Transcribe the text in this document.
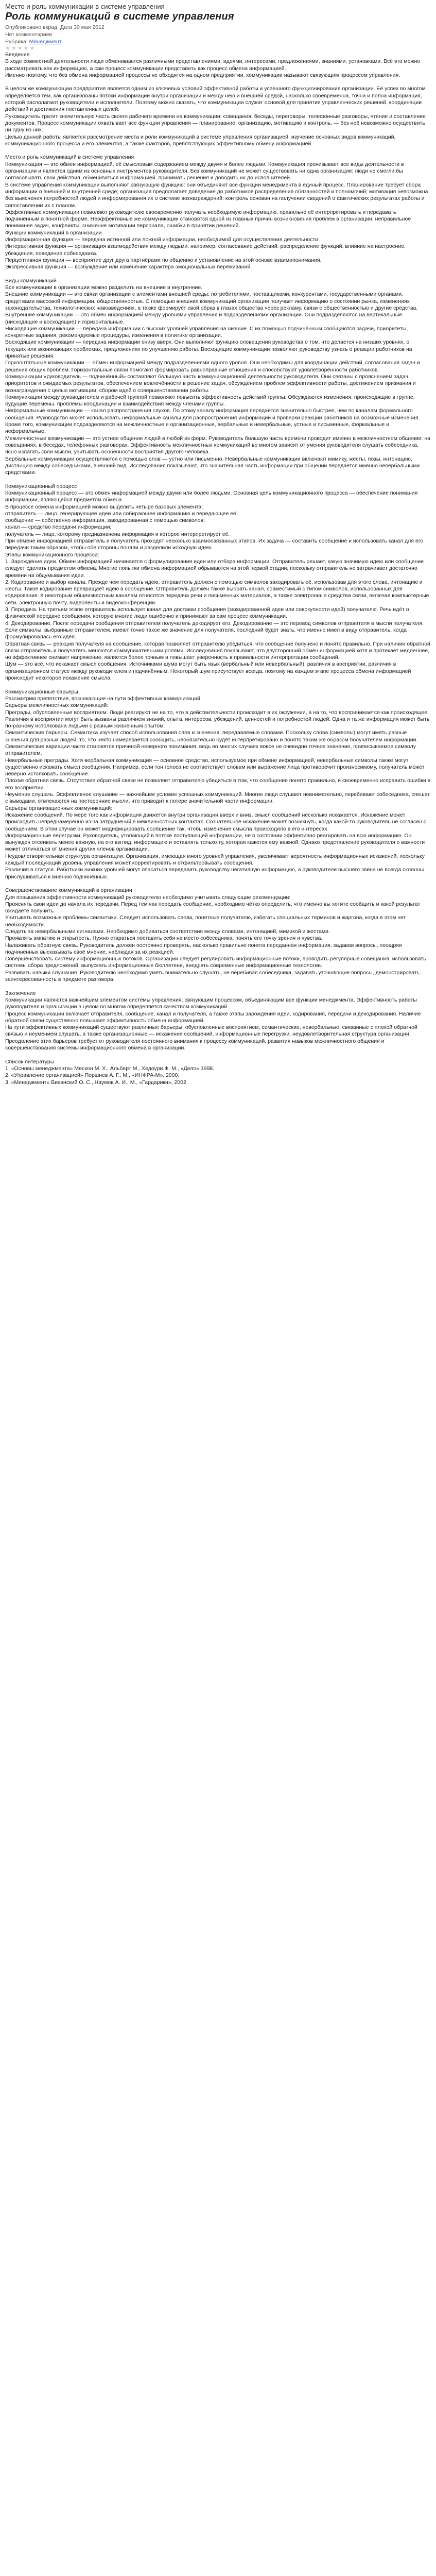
Место и роль коммуникации в системе управления
Роль коммуникаций в системе управления
Опубликовано вкрад. Дата 30 мая 2012
Нет комментариев
Рубрика: Менеджмент
★ ★ ★ ★ ★

Введение

В ходе совместной деятельности люди обмениваются различными представлениями, идеями, интересами, предложениями, знаниями, установками. Всё это можно рассматривать как информацию, а сам процесс коммуникации представить как процесс обмена информацией.

Именно поэтому, что без обмена информацией процессы не обходятся на одном предприятии, коммуникации называют связующим процессом управления.

В целом же коммуникации предприятия является одним из ключевых условий эффективной работы и успешного функционирования организации. Её успех во многом определяется тем, как организованы потоки информации внутри организации и между нею и внешней средой, насколько своевременна, точна и полна информация, которой располагают руководители и исполнители. Поэтому можно сказать, что коммуникации служат основой для принятия управленческих решений, координации действий и достижения поставленных целей.

Руководитель тратит значительную часть своего рабочего времени на коммуникации: совещания, беседы, переговоры, телефонные разговоры, чтение и составление документов. Процесс коммуникации охватывает все функции управления — планирование, организацию, мотивацию и контроль, — без неё невозможно осуществить ни одну из них.

Целью данной работы является рассмотрение места и роли коммуникаций в системе управления организацией, изучение основных видов коммуникаций, коммуникационного процесса и его элементов, а также факторов, препятствующих эффективному обмену информацией.

Место и роль коммуникаций в системе управления

Коммуникация — это обмен информацией, её смысловым содержанием между двумя и более людьми. Коммуникация пронизывает все виды деятельности в организации и является одним из основных инструментов руководителя. Без коммуникаций не может существовать ни одна организация: люди не смогли бы согласовывать свои действия, обмениваться информацией, принимать решения и доводить их до исполнителей.

В системе управления коммуникации выполняют связующую функцию: они объединяют все функции менеджмента в единый процесс. Планирование требует сбора информации о внешней и внутренней среде; организация предполагает доведение до работников распределения обязанностей и полномочий; мотивация невозможна без выяснения потребностей людей и информирования их о системе вознаграждений; контроль основан на получении сведений о фактических результатах работы и сопоставлении их с планом.

Эффективные коммуникации позволяют руководителю своевременно получать необходимую информацию, правильно её интерпретировать и передавать подчинённым в понятной форме. Неэффективные же коммуникации становятся одной из главных причин возникновения проблем в организации: неправильное понимание задач, конфликты, снижение мотивации персонала, ошибки в принятии решений.

Функции коммуникаций в организации

Информационная функция — передача истинной или ложной информации, необходимой для осуществления деятельности.

Интерактивная функция — организация взаимодействия между людьми, например, согласование действий, распределение функций, влияние на настроение, убеждения, поведение собеседника.

Перцептивная функция — восприятие друг друга партнёрами по общению и установление на этой основе взаимопонимания.

Экспрессивная функция — возбуждение или изменение характера эмоциональных переживаний.

Виды коммуникаций

Все коммуникации в организации можно разделить на внешние и внутренние.

Внешние коммуникации — это связи организации с элементами внешней среды: потребителями, поставщиками, конкурентами, государственными органами, средствами массовой информации, общественностью. С помощью внешних коммуникаций организация получает информацию о состоянии рынка, изменениях законодательства, технологических нововведениях, а также формирует свой образ в глазах общества через рекламу, связи с общественностью и другие средства.

Внутренние коммуникации — это обмен информацией между уровнями управления и подразделениями организации. Они подразделяются на вертикальные (нисходящие и восходящие) и горизонтальные.

Нисходящие коммуникации — передача информации с высших уровней управления на низшие. С их помощью подчинённым сообщаются задачи, приоритеты, конкретные задания, рекомендуемые процедуры, изменения в политике организации.

Восходящие коммуникации — передача информации снизу вверх. Они выполняют функцию оповещения руководства о том, что делается на низших уровнях, о текущих или возникающих проблемах, предложениях по улучшению работы. Восходящие коммуникации позволяют руководству узнать о реакции работников на принятые решения.

Горизонтальные коммуникации — обмен информацией между подразделениями одного уровня. Они необходимы для координации действий, согласования задач и решения общих проблем. Горизонтальные связи помогают формировать равноправные отношения и способствуют удовлетворённости работников.

Коммуникации «руководитель — подчинённый» составляют большую часть коммуникационной деятельности руководителя. Они связаны с прояснением задач, приоритетов и ожидаемых результатов, обеспечением вовлечённости в решение задач, обсуждением проблем эффективности работы, достижением признания и вознаграждения с целью мотивации, сбором идей о совершенствовании работы.

Коммуникации между руководителем и рабочей группой позволяют повысить эффективность действий группы. Обсуждаются изменения, происходящие в группе, будущие перемены, проблемы координации и взаимодействия между членами группы.

Неформальные коммуникации — канал распространения слухов. По этому каналу информация передаётся значительно быстрее, чем по каналам формального сообщения. Руководство может использовать неформальные каналы для распространения информации и проверки реакции работников на возможные изменения.

Кроме того, коммуникации подразделяются на межличностные и организационные, вербальные и невербальные, устные и письменные, формальные и неформальные.

Межличностные коммуникации — это устное общение людей в любой из форм. Руководитель большую часть времени проводит именно в межличностном общении: на совещаниях, в беседах, телефонных разговорах. Эффективность межличностных коммуникаций во многом зависит от умения руководителя слушать собеседника, ясно излагать свои мысли, учитывать особенности восприятия другого человека.

Вербальные коммуникации осуществляются с помощью слов — устно или письменно. Невербальные коммуникации включают мимику, жесты, позы, интонацию, дистанцию между собеседниками, внешний вид. Исследования показывают, что значительная часть информации при общении передаётся именно невербальными средствами.

Коммуникационный процесс

Коммуникационный процесс — это обмен информацией между двумя или более людьми. Основная цель коммуникационного процесса — обеспечение понимания информации, являющейся предметом обмена.

В процессе обмена информацией можно выделить четыре базовых элемента:

отправитель — лицо, генерирующее идеи или собирающее информацию и передающее её;

сообщение — собственно информация, закодированная с помощью символов;

канал — средство передачи информации;

получатель — лицо, которому предназначена информация и которое интерпретирует её.

При обмене информацией отправитель и получатель проходят несколько взаимосвязанных этапов. Их задача — составить сообщение и использовать канал для его передачи таким образом, чтобы обе стороны поняли и разделили исходную идею.

Этапы коммуникационного процесса:

1. Зарождение идеи. Обмен информацией начинается с формулирования идеи или отбора информации. Отправитель решает, какую значимую идею или сообщение следует сделать предметом обмена. Многие попытки обмена информацией обрываются на этой первой стадии, поскольку отправитель не затрачивает достаточно времени на обдумывание идеи.

2. Кодирование и выбор канала. Прежде чем передать идею, отправитель должен с помощью символов закодировать её, использовав для этого слова, интонацию и жесты. Такое кодирование превращает идею в сообщение. Отправитель должен также выбрать канал, совместимый с типом символов, использованных для кодирования. К некоторым общеизвестным каналам относятся передача речи и письменных материалов, а также электронные средства связи, включая компьютерные сети, электронную почту, видеоленты и видеоконференции.

3. Передача. На третьем этапе отправитель использует канал для доставки сообщения (закодированной идеи или совокупности идей) получателю. Речь идёт о физической передаче сообщения, которую многие люди ошибочно и принимают за сам процесс коммуникации.

4. Декодирование. После передачи сообщения отправителем получатель декодирует его. Декодирование — это перевод символов отправителя в мысли получателя. Если символы, выбранные отправителем, имеют точно такое же значение для получателя, последний будет знать, что именно имел в виду отправитель, когда формулировалась его идея.

Обратная связь — реакция получателя на сообщение, которая позволяет отправителю убедиться, что сообщение получено и понято правильно. При наличии обратной связи отправитель и получатель меняются коммуникативными ролями. Исследования показывают, что двусторонний обмен информацией хотя и протекает медленнее, но эффективнее снимает напряжение, является более точным и повышает уверенность в правильности интерпретации сообщений.

Шум — это всё, что искажает смысл сообщения. Источниками шума могут быть язык (вербальный или невербальный), различия в восприятии, различия в организационном статусе между руководителем и подчинённым. Некоторый шум присутствует всегда, поэтому на каждом этапе процесса обмена информацией происходит некоторое искажение смысла.

Коммуникационные барьеры

Рассмотрим препятствия, возникающие на пути эффективных коммуникаций.

Барьеры межличностных коммуникаций:

Преграды, обусловленные восприятием. Люди реагируют не на то, что в действительности происходит в их окружении, а на то, что воспринимается как происходящее. Различия в восприятии могут быть вызваны различием знаний, опыта, интересов, убеждений, ценностей и потребностей людей. Одна и та же информация может быть по-разному истолкована людьми с разным жизненным опытом.

Семантические барьеры. Семантика изучает способ использования слов и значения, передаваемые словами. Поскольку слова (символы) могут иметь разные значения для разных людей, то, что некто намеревается сообщить, необязательно будет интерпретировано и понято таким же образом получателем информации. Семантические вариации часто становятся причиной неверного понимания, ведь во многих случаях вовсе не очевидно точное значение, приписываемое символу отправителем.

Невербальные преграды. Хотя вербальная коммуникация — основное средство, используемое при обмене информацией, невербальные символы также могут существенно искажать смысл сообщения. Например, если тон голоса не соответствует словам или выражение лица противоречит произносимому, получатель может неверно истолковать сообщение.

Плохая обратная связь. Отсутствие обратной связи не позволяет отправителю убедиться в том, что сообщение понято правильно, и своевременно исправить ошибки в его восприятии.

Неумение слушать. Эффективное слушание — важнейшее условие успешных коммуникаций. Многие люди слушают невнимательно, перебивают собеседника, спешат с выводами, отвлекаются на посторонние мысли, что приводит к потере значительной части информации.

Барьеры организационных коммуникаций:

Искажение сообщений. По мере того как информация движется внутри организации вверх и вниз, смысл сообщений несколько искажается. Искажение может происходить непреднамеренно из-за затруднений в межличностных контактах. Сознательное искажение может возникнуть, когда какой-то руководитель не согласен с сообщением. В этом случае он может модифицировать сообщение так, чтобы изменение смысла происходило в его интересах.

Информационные перегрузки. Руководитель, утопающий в потоке поступающей информации, не в состоянии эффективно реагировать на всю информацию. Он вынужден отсеивать менее важную, на его взгляд, информацию и оставлять только ту, которая кажется ему важной. Однако представление руководителя о важности может отличаться от мнения других членов организации.

Неудовлетворительная структура организации. Организация, имеющая много уровней управления, увеличивает вероятность информационных искажений, поскольку каждый последующий уровень управления может корректировать и отфильтровывать сообщения.

Различия в статусе. Работники нижних уровней могут опасаться передавать руководству негативную информацию, а руководители высшего звена не всегда склонны прислушиваться к мнению подчинённых.

Совершенствование коммуникаций в организации

Для повышения эффективности коммуникаций руководителю необходимо учитывать следующие рекомендации:

Прояснять свои идеи до начала их передачи. Перед тем как передать сообщение, необходимо чётко определить, что именно вы хотите сообщить и какой результат ожидаете получить.

Учитывать возможные проблемы семантики. Следует использовать слова, понятные получателю, избегать специальных терминов и жаргона, когда в этом нет необходимости.

Следить за невербальными сигналами. Необходимо добиваться соответствия между словами, интонацией, мимикой и жестами.

Проявлять эмпатию и открытость. Нужно стараться поставить себя на место собеседника, понять его точку зрения и чувства.

Налаживать обратную связь. Руководитель должен постоянно проверять, насколько правильно понята переданная информация, задавая вопросы, поощряя подчинённых высказывать своё мнение, наблюдая за их реакцией.

Совершенствовать систему информационных потоков. Организации следует регулировать информационные потоки, проводить регулярные совещания, использовать системы сбора предложений, выпускать информационные бюллетени, внедрять современные информационные технологии.

Развивать навыки слушания. Руководителю необходимо уметь внимательно слушать, не перебивая собеседника, задавать уточняющие вопросы, демонстрировать заинтересованность в предмете разговора.

Заключение

Коммуникации являются важнейшим элементом системы управления, связующим процессом, объединяющим все функции менеджмента. Эффективность работы руководителя и организации в целом во многом определяется качеством коммуникаций.

Процесс коммуникации включает отправителя, сообщение, канал и получателя, а также этапы зарождения идеи, кодирования, передачи и декодирования. Наличие обратной связи существенно повышает эффективность обмена информацией.

На пути эффективных коммуникаций существуют различные барьеры: обусловленные восприятием, семантические, невербальные, связанные с плохой обратной связью и неумением слушать, а также организационные — искажение сообщений, информационные перегрузки, неудовлетворительная структура организации.

Преодоление этих барьеров требует от руководителя постоянного внимания к процессу коммуникаций, развития навыков межличностного общения и совершенствования системы информационного обмена в организации.

Список литературы

1. «Основы менеджмента» Мескон М. Х., Альберт М., Хедоури Ф. М., «Дело» 1998.

2. «Управление организацией» Поршнев А. Г., М., «ИНФРА-М», 2000.

3. «Менеджмент» Виханский О. С., Наумов А. И., М., «Гардарики», 2002.
